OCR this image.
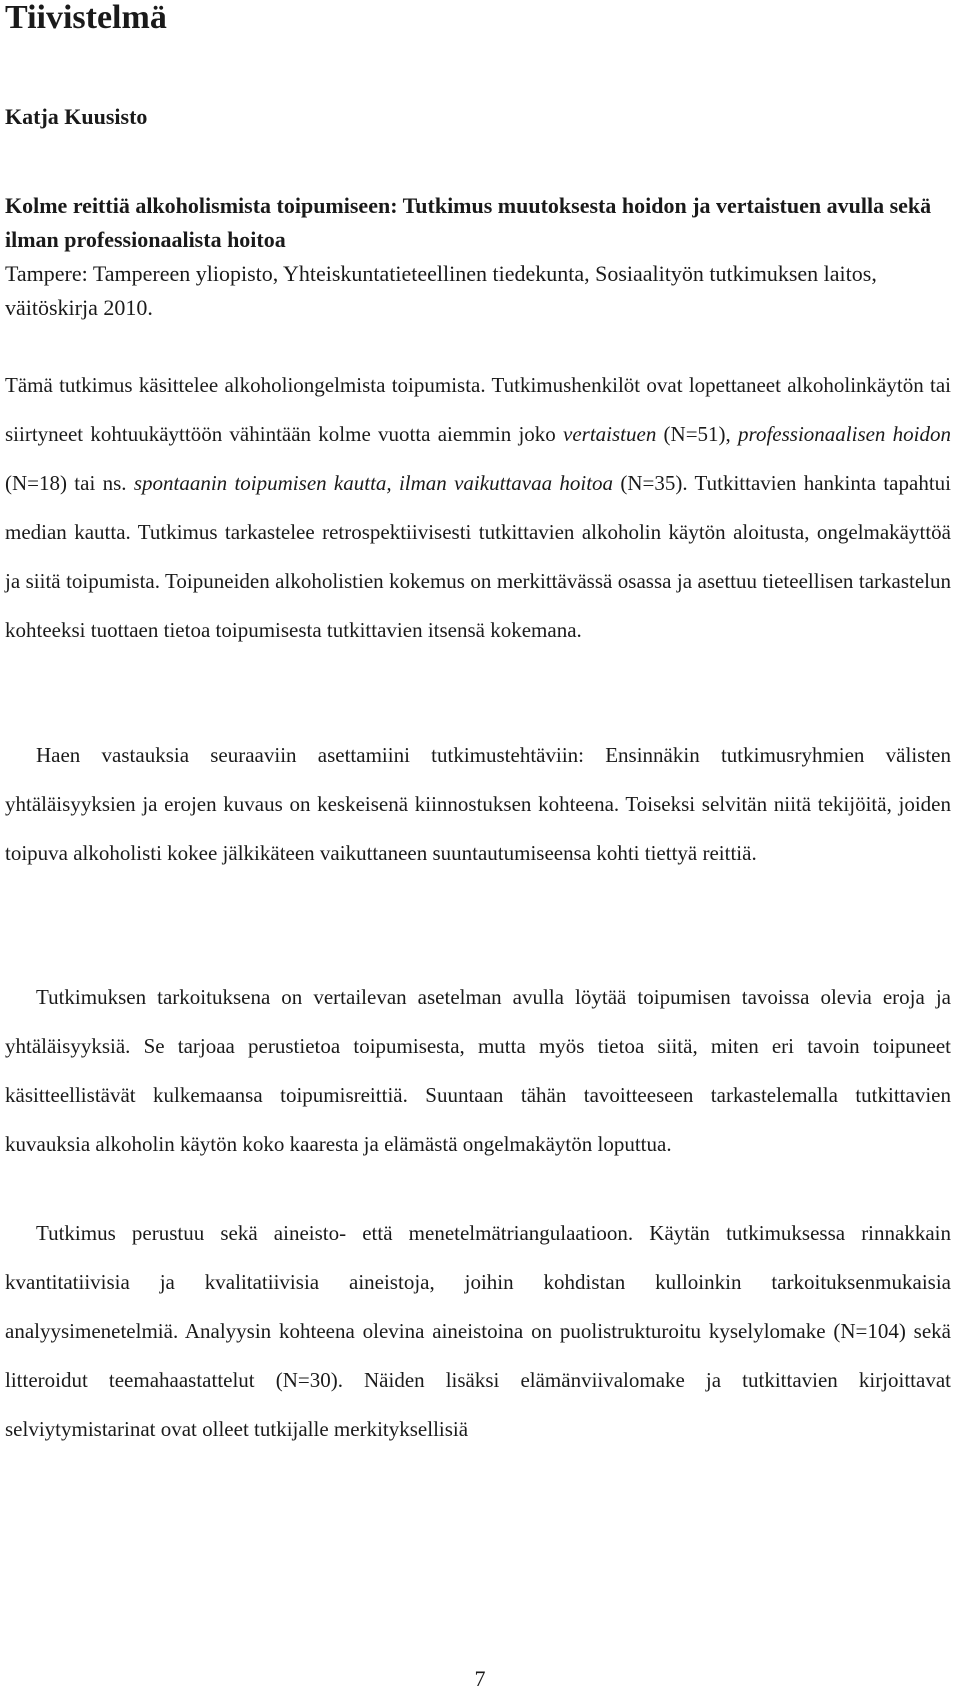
Tiivistelmä
Katja Kuusisto
Kolme reittiä alkoholismista toipumiseen: Tutkimus muutoksesta hoidon ja vertaistuen avulla sekä ilman professionaalista hoitoa
Tampere: Tampereen yliopisto, Yhteiskuntatieteellinen tiedekunta, Sosiaalityön tutkimuksen laitos, väitöskirja 2010.

Tämä tutkimus käsittelee alkoholiongelmista toipumista. Tutkimushenkilöt ovat lopettaneet alkoholinkäytön tai siirtyneet kohtuukäyttöön vähintään kolme vuotta aiemmin joko vertaistuen (N=51), professionaalisen hoidon (N=18) tai ns. spontaanin toipumisen kautta, ilman vaikuttavaa hoitoa (N=35). Tutkittavien hankinta tapahtui median kautta. Tutkimus tarkastelee retrospektiivisesti tutkittavien alkoholin käytön aloitusta, ongelmakäyttöä ja siitä toipumista. Toipuneiden alkoholistien kokemus on merkittävässä osassa ja asettuu tieteellisen tarkastelun kohteeksi tuottaen tietoa toipumisesta tutkittavien itsensä kokemana.

Haen vastauksia seuraaviin asettamiini tutkimustehtäviin: Ensinnäkin tutkimusryhmien välisten yhtäläisyyksien ja erojen kuvaus on keskeisenä kiinnostuksen kohteena. Toiseksi selvitän niitä tekijöitä, joiden toipuva alkoholisti kokee jälkikäteen vaikuttaneen suuntautumiseensa kohti tiettyä reittiä.

Tutkimuksen tarkoituksena on vertailevan asetelman avulla löytää toipumisen tavoissa olevia eroja ja yhtäläisyyksiä. Se tarjoaa perustietoa toipumisesta, mutta myös tietoa siitä, miten eri tavoin toipuneet käsitteellistävät kulkemaansa toipumisreittiä. Suuntaan tähän tavoitteeseen tarkastelemalla tutkittavien kuvauksia alkoholin käytön koko kaaresta ja elämästä ongelmakäytön loputtua.

Tutkimus perustuu sekä aineisto- että menetelmätriangulaatioon. Käytän tutkimuksessa rinnakkain kvantitatiivisia ja kvalitatiivisia aineistoja, joihin kohdistan kulloinkin tarkoituksenmukaisia analyysimenetelmiä. Analyysin kohteena olevina aineistoina on puolistrukturoitu kyselylomake (N=104) sekä litteroidut teemahaastattelut (N=30). Näiden lisäksi elämänviivalomake ja tutkittavien kirjoittavat selviytymistarinat ovat olleet tutkijalle merkityksellisiä

7
